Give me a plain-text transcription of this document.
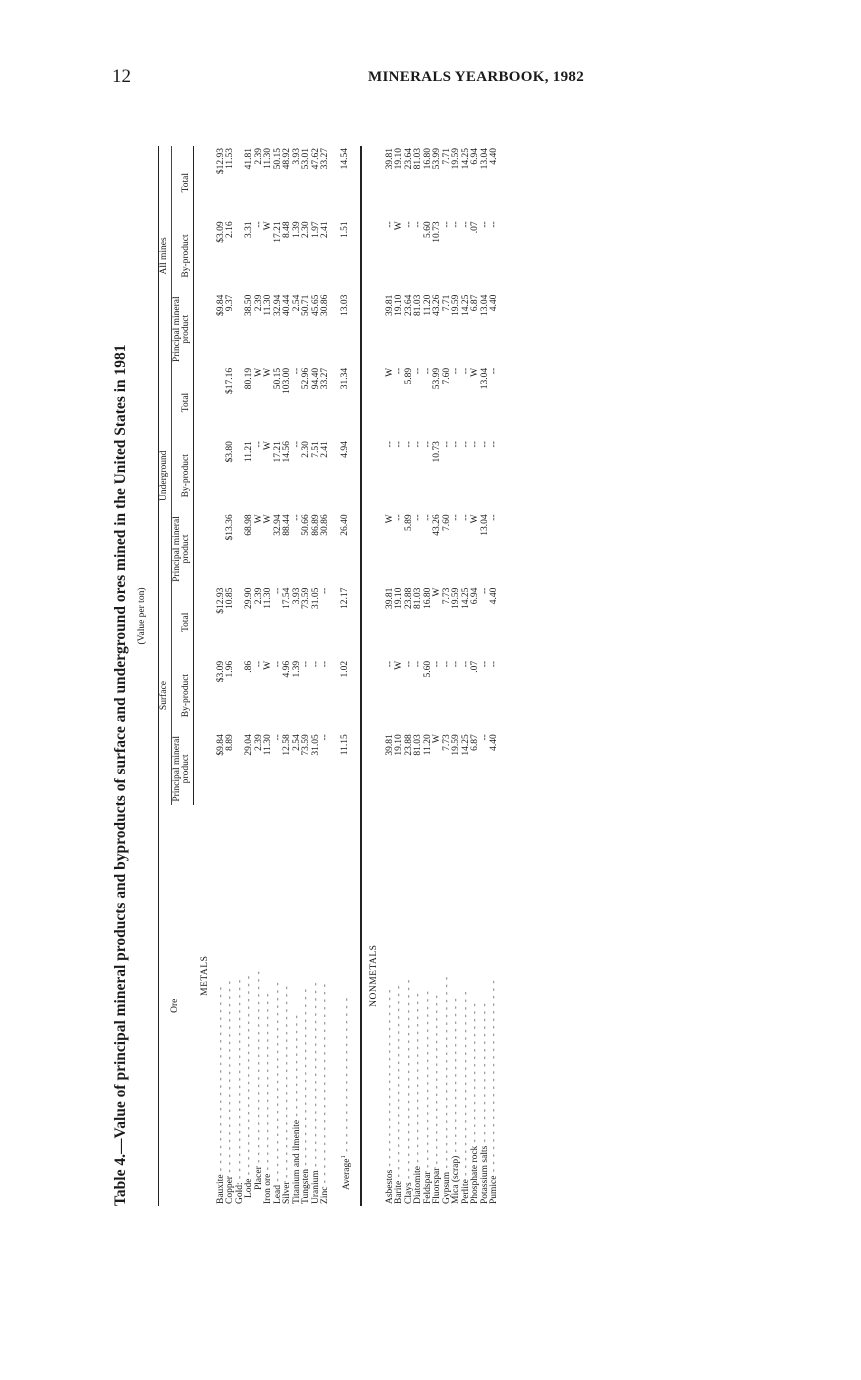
12	MINERALS YEARBOOK, 1982
Table 4.—Value of principal mineral products and byproducts of surface and underground ores mined in the United States in 1981 (Value per ton)
Ore	Surface			Underground			All mines		
	Principal mineral product	By-product	Total	Principal mineral product	By-product	Total	Principal mineral product	By-product	Total
METALS									
Bauxite - - - - - - - - - - - - - - - - - - - - - - - - -	$9.84	$3.09	$12.93				$9.84	$3.09	$12.93
Copper - - - - - - - - - - - - - - - - - - - - - - - - - -	8.89	1.96	10.85	$13.36	$3.80	$17.16	9.37	2.16	11.53
Gold: - - - - - - - - - - - - - - - - - - - - - - - - - - -									
Lode - - - - - - - - - - - - - - - - - - - - - - - - - - -	29.04	.86	29.90	68.98	11.21	80.19	38.50	3.31	41.81
Placer - - - - - - - - - - - - - - - - - - - - - - - - - -	2.39	--	2.39	W	--	W	2.39	--	2.39
Iron ore - - - - - - - - - - - - - - - - - - - - - - - -	11.30	W	11.30	W	W	W	11.30	W	11.30
Lead - - - - - - - - - - - - - - - - - - - - - - - - - - -	--	--	--	32.94	17.21	50.15	32.94	17.21	50.15
Silver - - - - - - - - - - - - - - - - - - - - - - - - - -	12.58	4.96	17.54	88.44	14.56	103.00	40.44	8.48	48.92
Titanium and ilmenite - - - - - - - - - - - - - -	2.54	1.39	3.93	--	--	--	2.54	1.39	3.93
Tungsten - - - - - - - - - - - - - - - - - - - - - - - -	73.59	--	73.59	50.66	2.30	52.96	50.71	2.30	53.01
Uranium - - - - - - - - - - - - - - - - - - - - - - - - -	31.05	--	31.05	86.89	7.51	94.40	45.65	1.97	47.62
Zinc - - - - - - - - - - - - - - - - - - - - - - - - - - -	--	--	--	30.86	2.41	33.27	30.86	2.41	33.27
Average$^1$ - - - - - - - - - - - - - - - - - - - - -	11.15	1.02	12.17	26.40	4.94	31.34	13.03	1.51	14.54

NONMETALS									
Asbestos - - - - - - - - - - - - - - - - - - - - - - - -	39.81	--	39.81	W	--	W	39.81	--	39.81
Barite - - - - - - - - - - - - - - - - - - - - - - - - - -	19.10	W	19.10	--	--	--	19.10	W	19.10
Clays - - - - - - - - - - - - - - - - - - - - - - - - - - -	23.88	--	23.88	5.89	--	5.89	23.64	--	23.64
Diatomite - - - - - - - - - - - - - - - - - - - - - - -	81.03	--	81.03	--	--	--	81.03	--	81.03
Feldspar - - - - - - - - - - - - - - - - - - - - - - - -	11.20	5.60	16.80	--	--	--	11.20	5.60	16.80
Fluorspar - - - - - - - - - - - - - - - - - - - - - - -	W	--	W	43.26	10.73	53.99	43.26	10.73	53.99
Gypsum - - - - - - - - - - - - - - - - - - - - - - - - - -	7.73	--	7.73	7.60	--	7.60	7.71	--	7.71
Mica (scrap) - - - - - - - - - - - - - - - - - - - - -	19.59	--	19.59	--	--	--	19.59	--	19.59
Perlite - - - - - - - - - - - - - - - - - - - - - - - - -	14.25	--	14.25	--	--	--	14.25	--	14.25
Phosphate rock - - - - - - - - - - - - - - - - - - -	6.87	.07	6.94	W	--	W	6.87	.07	6.94
Potassium salts - - - - - - - - - - - - - - - - - - -	--	--	--	13.04	--	13.04	13.04	--	13.04
Pumice - - - - - - - - - - - - - - - - - - - - - - - - - -	4.40	--	4.40	--	--	--	4.40	--	4.40
